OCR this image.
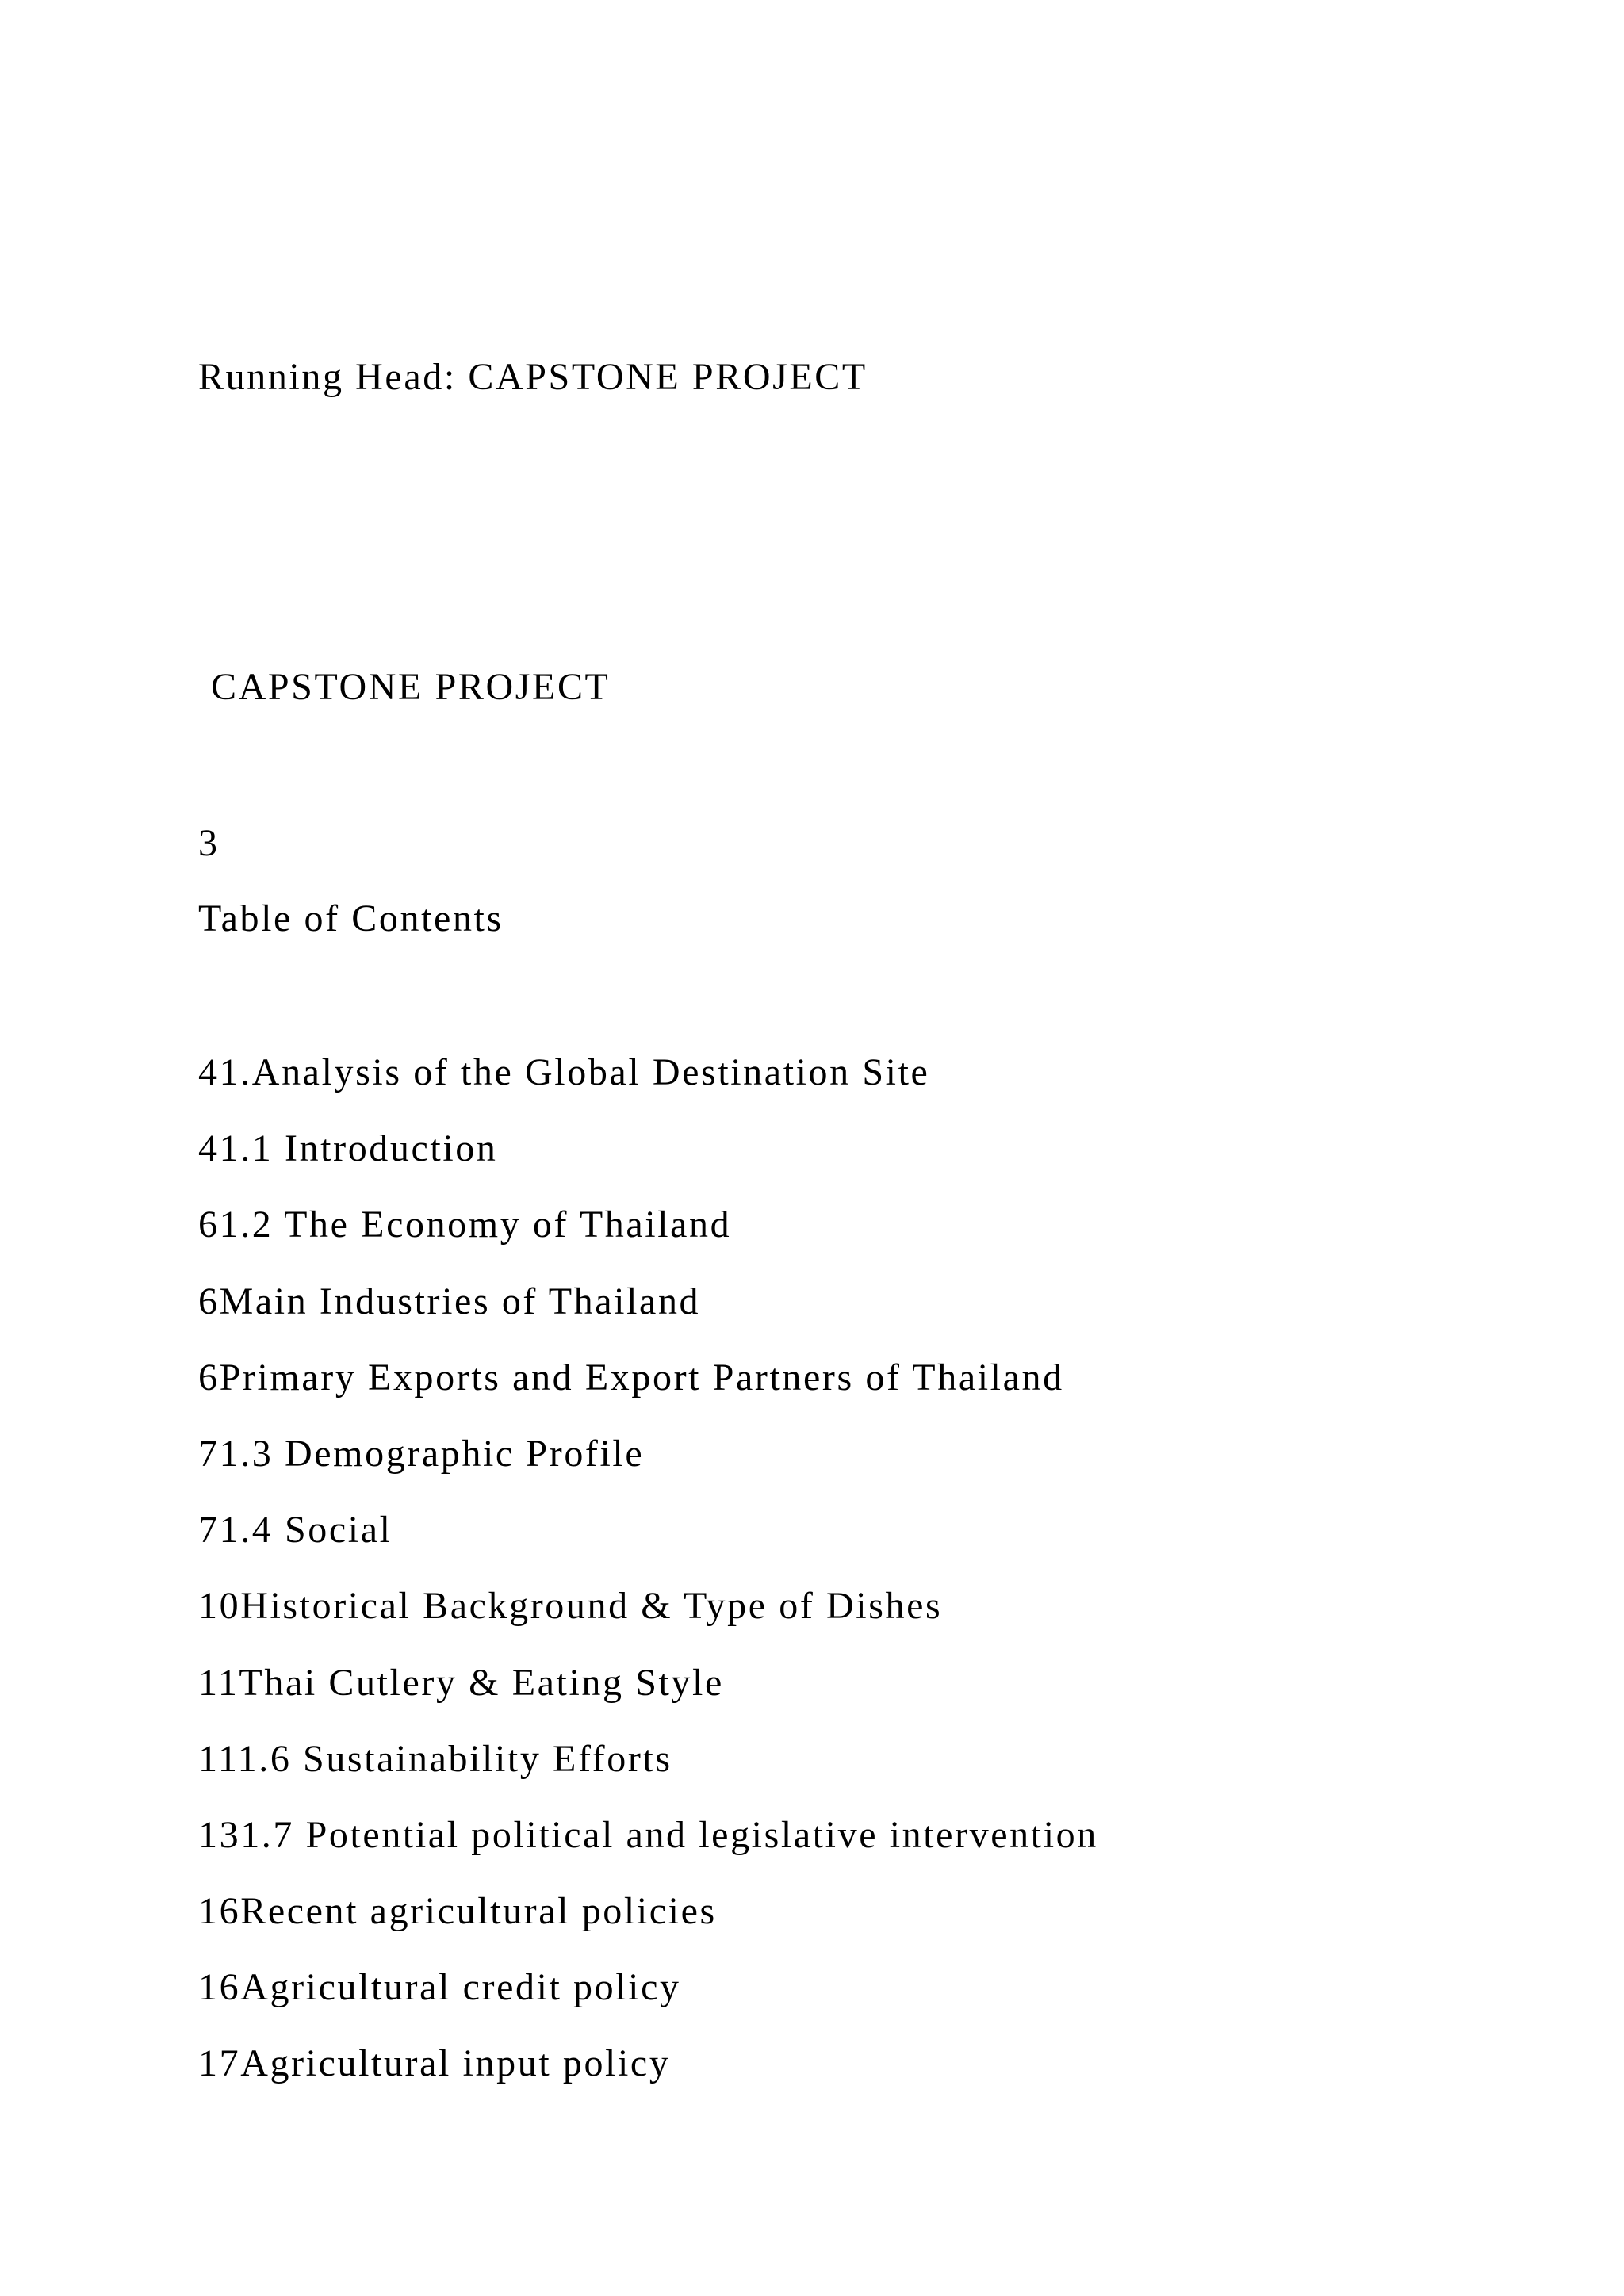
Running Head: CAPSTONE PROJECT
CAPSTONE PROJECT
3
Table of Contents
41.Analysis of the Global Destination Site
41.1 Introduction
61.2 The Economy of Thailand
6Main Industries of Thailand
6Primary Exports and Export Partners of Thailand
71.3 Demographic Profile
71.4 Social
10Historical Background & Type of Dishes
11Thai Cutlery & Eating Style
111.6 Sustainability Efforts
131.7 Potential political and legislative intervention
16Recent agricultural policies
16Agricultural credit policy
17Agricultural input policy
